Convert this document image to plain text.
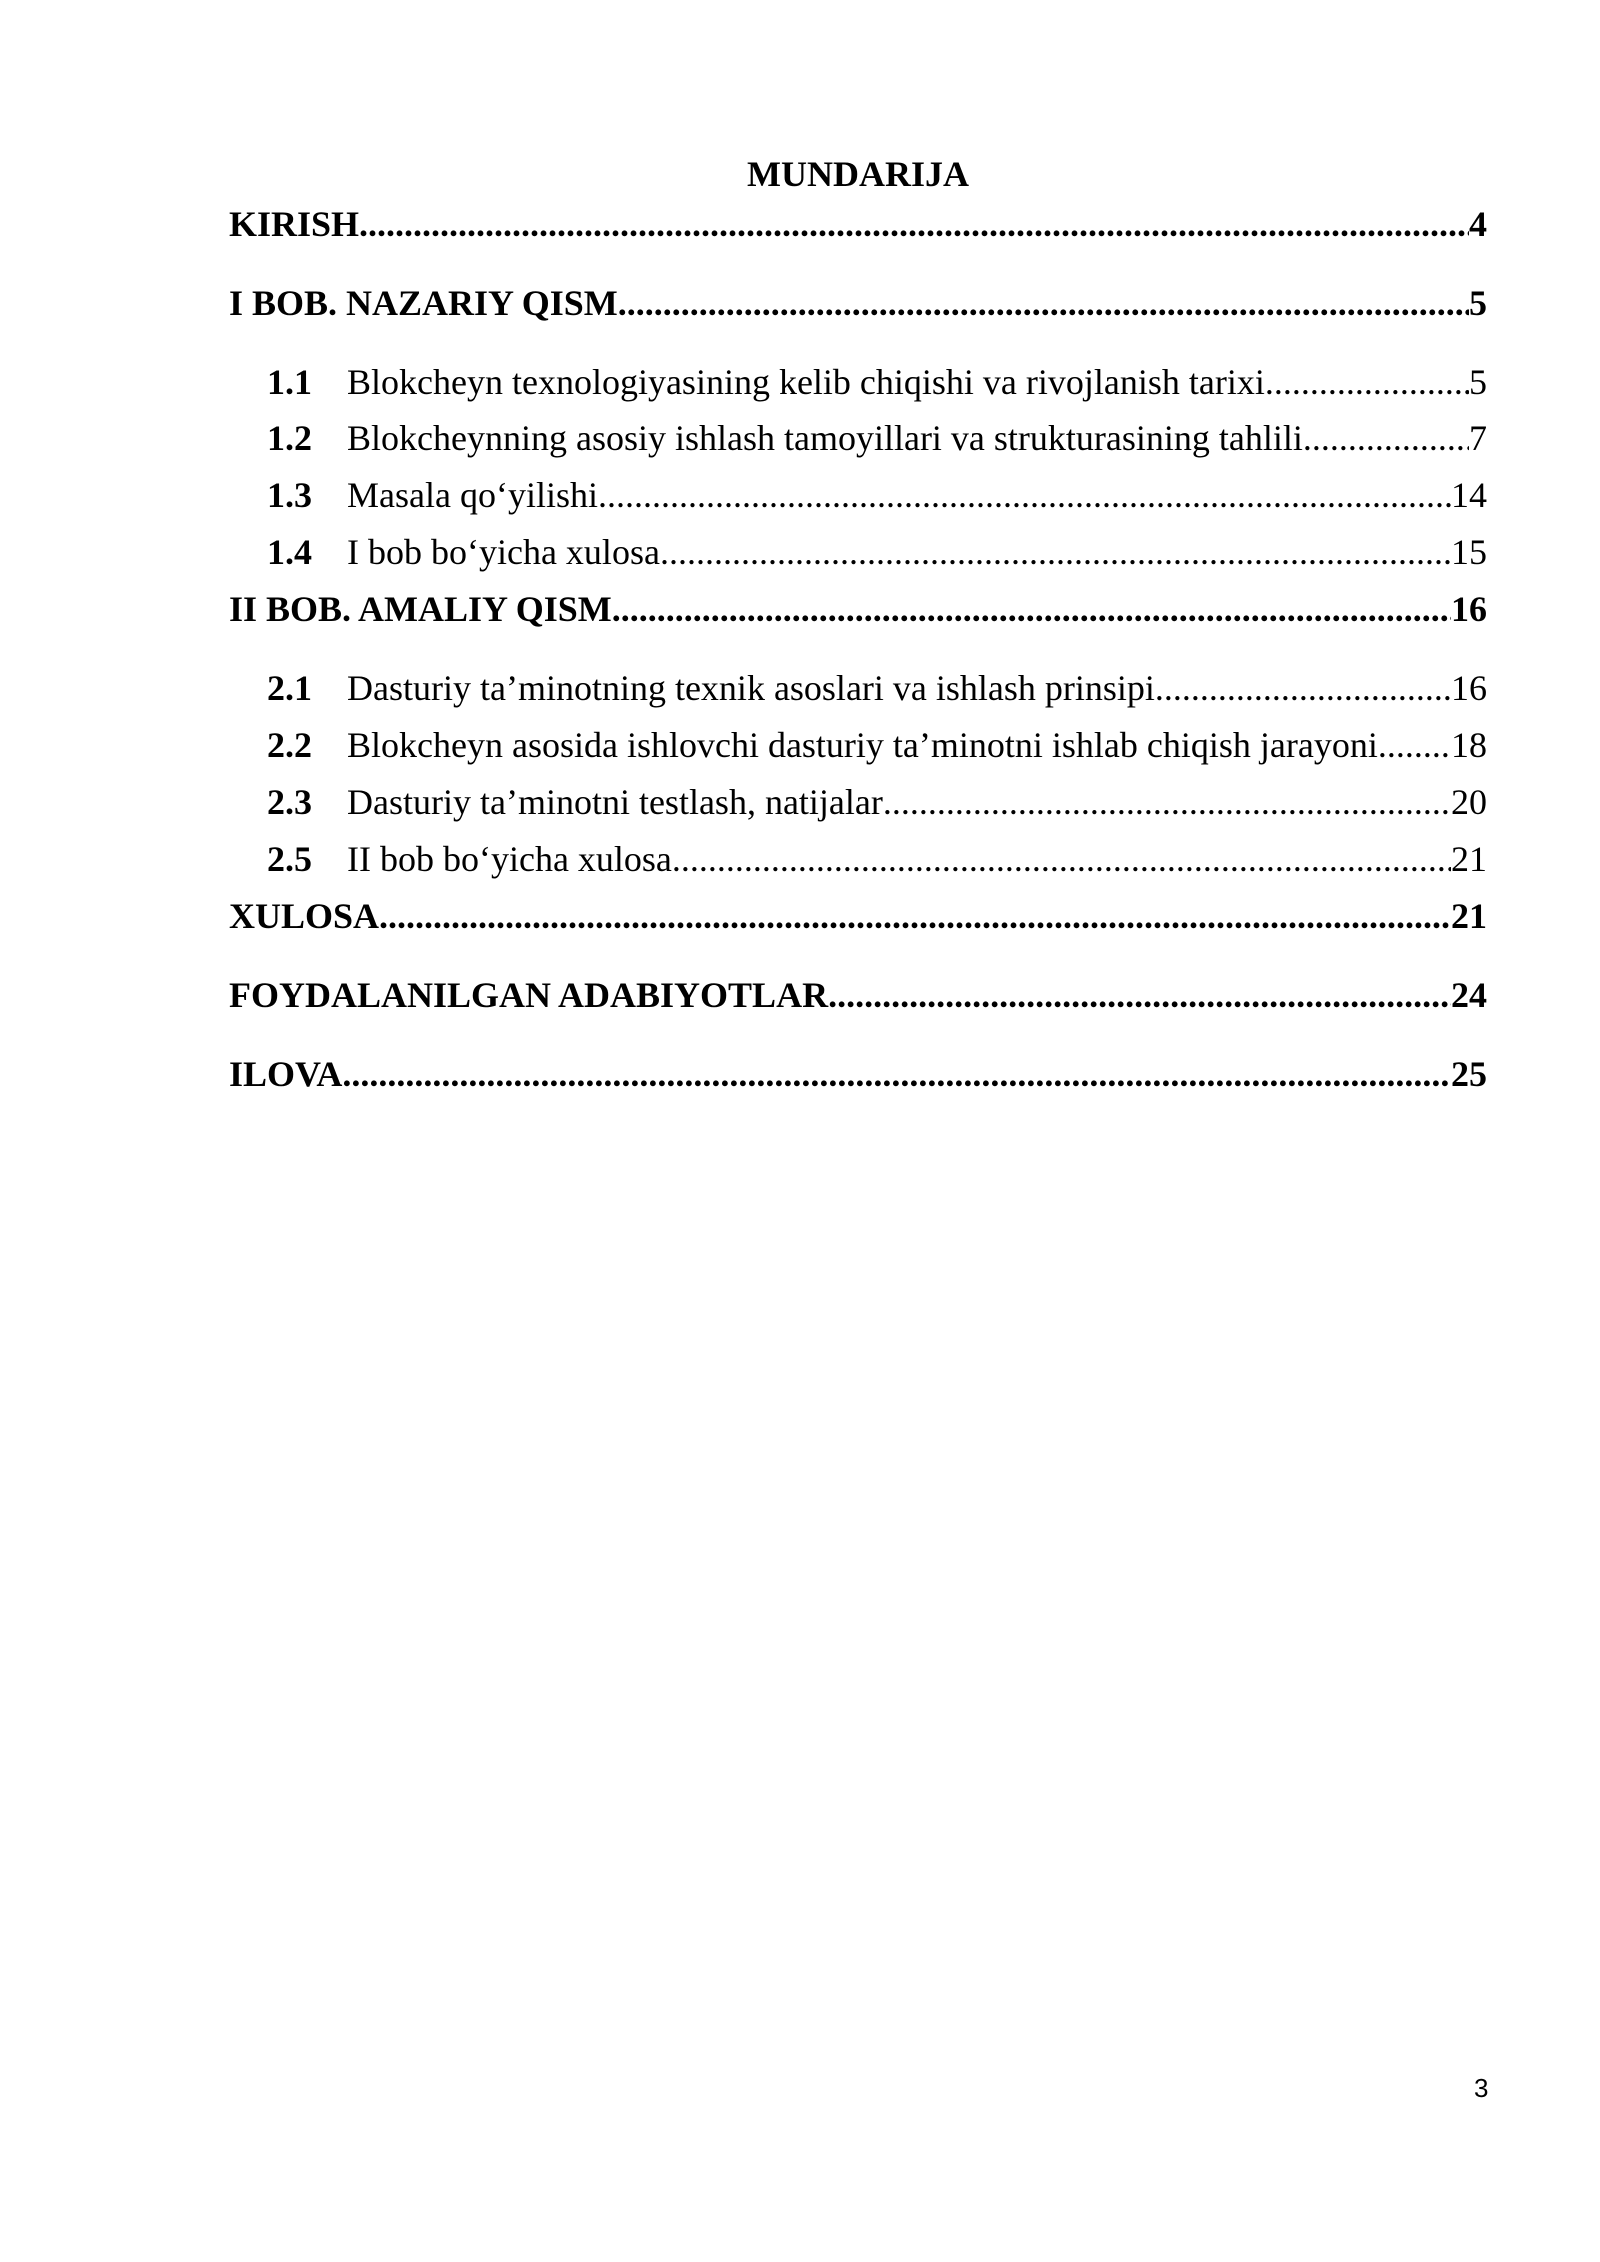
MUNDARIJA
KIRISH .....	4
I BOB. NAZARIY QISM .....	5
1.1 Blokcheyn texnologiyasining kelib chiqishi va rivojlanish tarixi .....	5
1.2 Blokcheynning asosiy ishlash tamoyillari va strukturasining tahlili .....	7
1.3 Masala qo‘yilishi .....	14
1.4 I bob bo‘yicha xulosa .....	15
II BOB. AMALIY QISM .....	16
2.1 Dasturiy ta’minotning texnik asoslari va ishlash prinsipi .....	16
2.2 Blokcheyn asosida ishlovchi dasturiy ta’minotni ishlab chiqish jarayoni ..... 18
2.3 Dasturiy ta’minotni testlash, natijalar .....	20
2.5 II bob bo‘yicha xulosa .....	21
XULOSA .....	21
FOYDALANILGAN ADABIYOTLAR .....	24
ILOVA .....	25
3
